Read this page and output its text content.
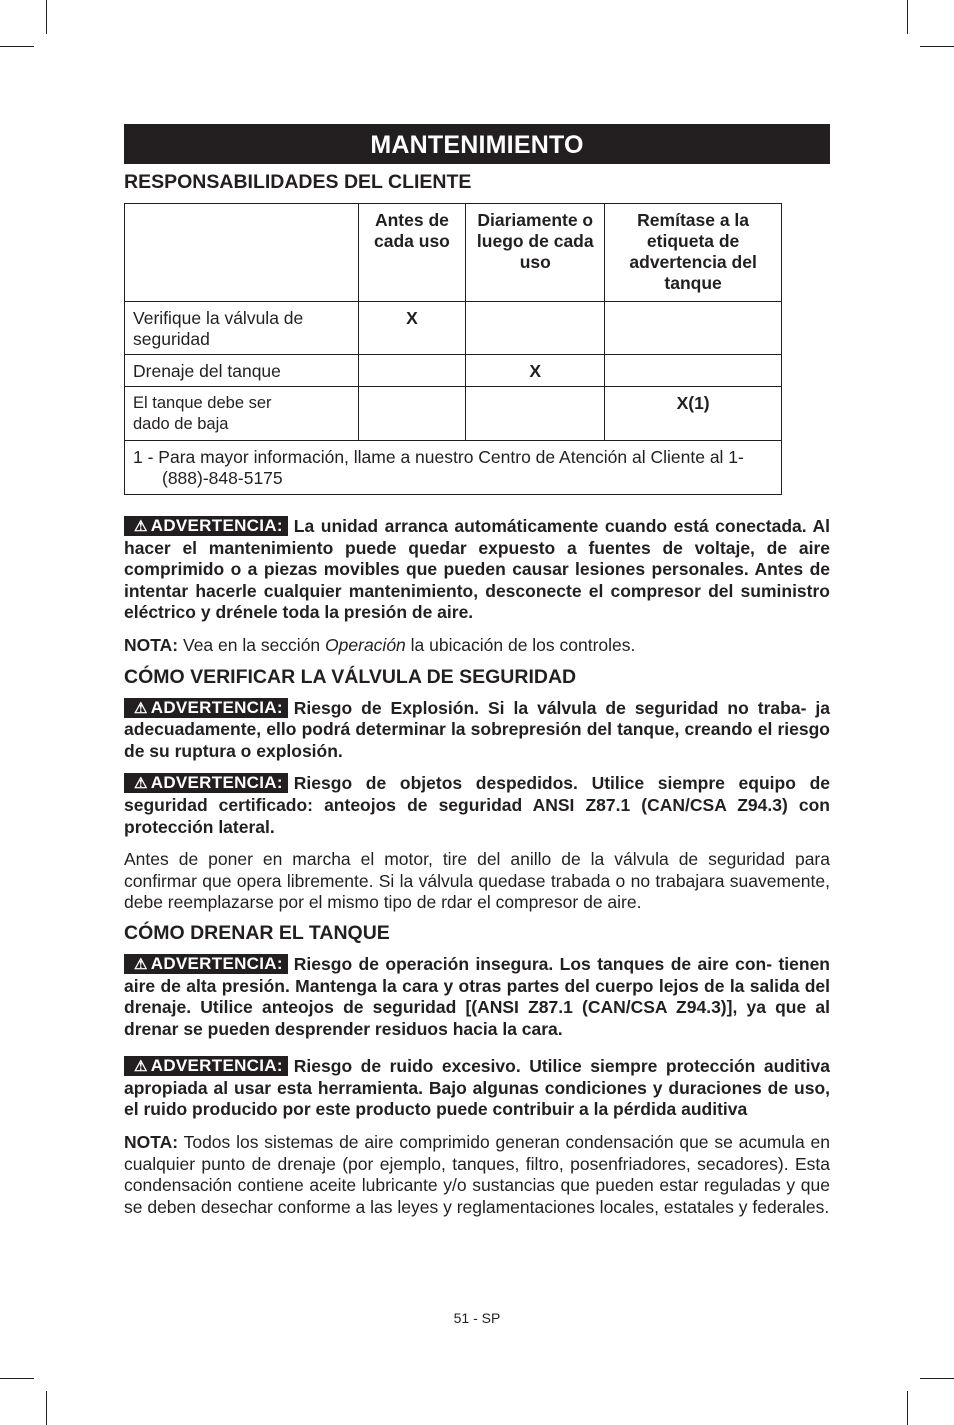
MANTENIMIENTO
RESPONSABILIDADES DEL CLIENTE
	Antes de cada uso	Diariamente o luego de cada uso	Remítase a la etiqueta de advertencia del tanque
Verifique la válvula de seguridad	X		
Drenaje del tanque		X	
El tanque debe ser dado de baja			X(1)

1 - Para mayor información, llame a nuestro Centro de Atención al Cliente al 1-(888)-848-5175			

⚠ ADVERTENCIA: La unidad arranca automáticamente cuando está conectada. Al hacer el mantenimiento puede quedar expuesto a fuentes de voltaje, de aire comprimido o a piezas movibles que pueden causar lesiones personales. Antes de intentar hacerle cualquier mantenimiento, desconecte el compresor del suministro eléctrico y drénele toda la presión de aire.

NOTA: Vea en la sección Operación la ubicación de los controles.

CÓMO VERIFICAR LA VÁLVULA DE SEGURIDAD

⚠ ADVERTENCIA: Riesgo de Explosión. Si la válvula de seguridad no traba- ja adecuadamente, ello podrá determinar la sobrepresión del tanque, creando el riesgo de su ruptura o explosión.

⚠ ADVERTENCIA: Riesgo de objetos despedidos. Utilice siempre equipo de seguridad certificado: anteojos de seguridad ANSI Z87.1 (CAN/CSA Z94.3) con protección lateral.

Antes de poner en marcha el motor, tire del anillo de la válvula de seguridad para confirmar que opera libremente. Si la válvula quedase trabada o no trabajara suavemente, debe reemplazarse por el mismo tipo de rdar el compresor de aire.

CÓMO DRENAR EL TANQUE

⚠ ADVERTENCIA: Riesgo de operación insegura. Los tanques de aire con- tienen aire de alta presión. Mantenga la cara y otras partes del cuerpo lejos de la salida del drenaje. Utilice anteojos de seguridad [(ANSI Z87.1 (CAN/CSA Z94.3)], ya que al drenar se pueden desprender residuos hacia la cara.

⚠ ADVERTENCIA: Riesgo de ruido excesivo. Utilice siempre protección auditiva apropiada al usar esta herramienta. Bajo algunas condiciones y duraciones de uso, el ruido producido por este producto puede contribuir a la pérdida auditiva

NOTA: Todos los sistemas de aire comprimido generan condensación que se acumula en cualquier punto de drenaje (por ejemplo, tanques, filtro, posenfriadores, secadores). Esta condensación contiene aceite lubricante y/o sustancias que pueden estar reguladas y que se deben desechar conforme a las leyes y reglamentaciones locales, estatales y federales.

51 - SP
